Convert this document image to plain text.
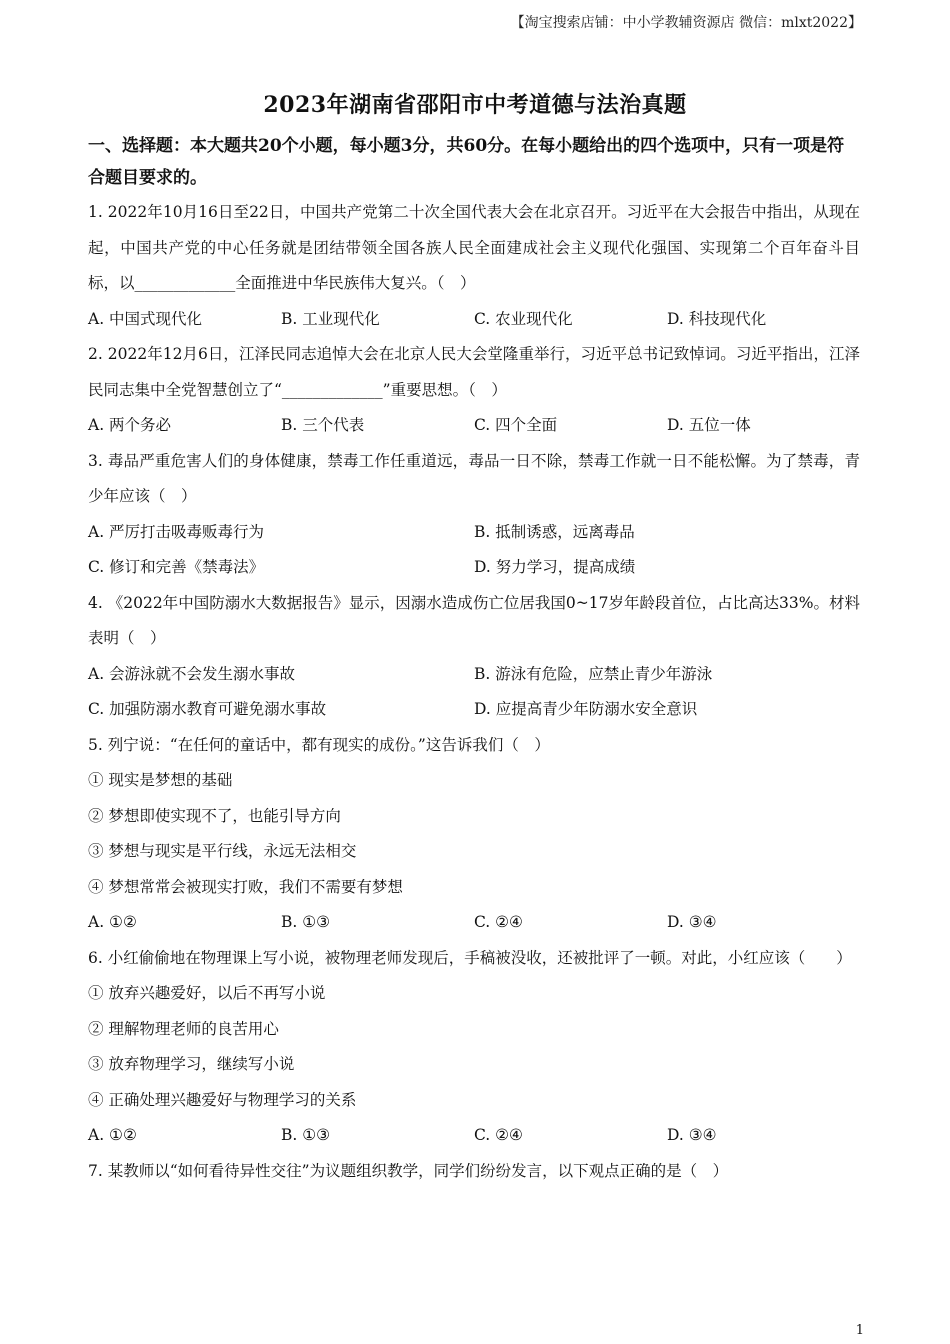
【淘宝搜索店铺：中小学教辅资源店 微信：mlxt2022】
2023年湖南省邵阳市中考道德与法治真题
一、选择题：本大题共20个小题，每小题3分，共60分。在每小题给出的四个选项中，只有一项是符合题目要求的。
1. 2022年10月16日至22日，中国共产党第二十次全国代表大会在北京召开。习近平在大会报告中指出，从现在起，中国共产党的中心任务就是团结带领全国各族人民全面建成社会主义现代化强国、实现第二个百年奋斗目标，以_____________全面推进中华民族伟大复兴。（　）
A. 中国式现代化	B. 工业现代化	C. 农业现代化	D. 科技现代化
2. 2022年12月6日，江泽民同志追悼大会在北京人民大会堂隆重举行，习近平总书记致悼词。习近平指出，江泽民同志集中全党智慧创立了“_____________”重要思想。（　）
A. 两个务必	B. 三个代表	C. 四个全面	D. 五位一体
3. 毒品严重危害人们的身体健康，禁毒工作任重道远，毒品一日不除，禁毒工作就一日不能松懈。为了禁毒，青少年应该（　）
A. 严厉打击吸毒贩毒行为	B. 抵制诱惑，远离毒品
C. 修订和完善《禁毒法》	D. 努力学习，提高成绩
4. 《2022年中国防溺水大数据报告》显示，因溺水造成伤亡位居我国0~17岁年龄段首位，占比高达33%。材料表明（　）
A. 会游泳就不会发生溺水事故	B. 游泳有危险，应禁止青少年游泳
C. 加强防溺水教育可避免溺水事故	D. 应提高青少年防溺水安全意识
5. 列宁说：“在任何的童话中，都有现实的成份。”这告诉我们（　）
① 现实是梦想的基础
② 梦想即使实现不了，也能引导方向
③ 梦想与现实是平行线，永远无法相交
④ 梦想常常会被现实打败，我们不需要有梦想
A. ①②	B. ①③	C. ②④	D. ③④
6. 小红偷偷地在物理课上写小说，被物理老师发现后，手稿被没收，还被批评了一顿。对此，小红应该（　　）
① 放弃兴趣爱好，以后不再写小说
② 理解物理老师的良苦用心
③ 放弃物理学习，继续写小说
④ 正确处理兴趣爱好与物理学习的关系
A. ①②	B. ①③	C. ②④	D. ③④
7. 某教师以“如何看待异性交往”为议题组织教学，同学们纷纷发言，以下观点正确的是（　）
1
